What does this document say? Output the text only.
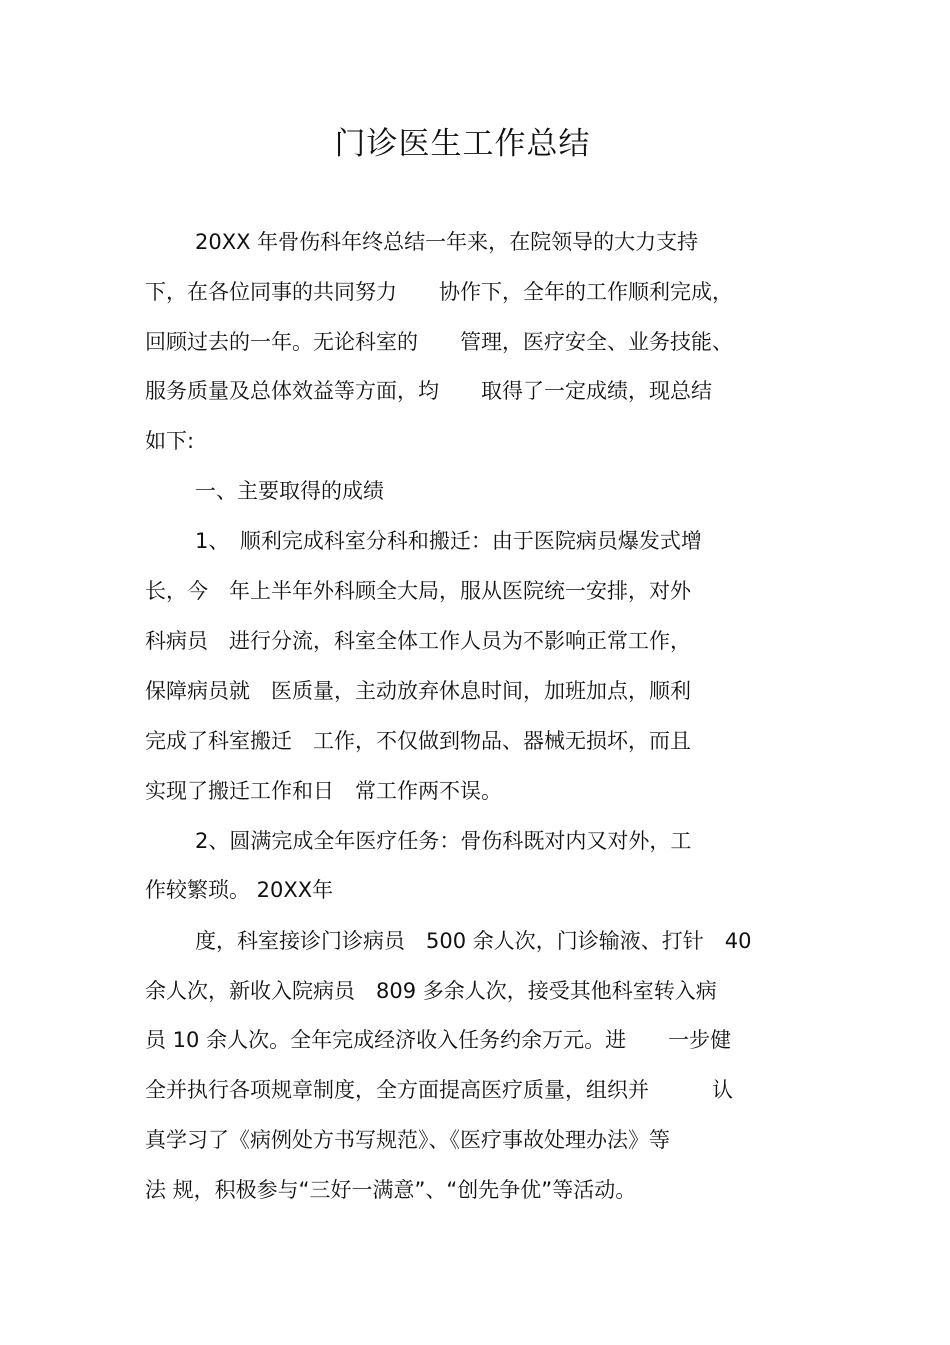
门诊医生工作总结
20XX 年骨伤科年终总结一年来，在院领导的大力支持
下，在各位同事的共同努力　　协作下，全年的工作顺利完成，
回顾过去的一年。无论科室的　　管理，医疗安全、业务技能、
服务质量及总体效益等方面，均　　取得了一定成绩，现总结
如下:
一、主要取得的成绩
1、　顺利完成科室分科和搬迁：由于医院病员爆发式增
长，今　年上半年外科顾全大局，服从医院统一安排，对外
科病员　进行分流，科室全体工作人员为不影响正常工作，
保障病员就　医质量，主动放弃休息时间，加班加点，顺利
完成了科室搬迁　工作，不仅做到物品、器械无损坏，而且
实现了搬迁工作和日　常工作两不误。
2、圆满完成全年医疗任务：骨伤科既对内又对外，工
作较繁琐。 20XX年
度，科室接诊门诊病员　500 余人次，门诊输液、打针　40
余人次，新收入院病员　809 多余人次，接受其他科室转入病
员 10 余人次。全年完成经济收入任务约余万元。进　　一步健
全并执行各项规章制度，全方面提高医疗质量，组织并　　　认
真学习了《病例处方书写规范》、《医疗事故处理办法》等
法 规，积极参与“三好一满意”、“创先争优”等活动。
